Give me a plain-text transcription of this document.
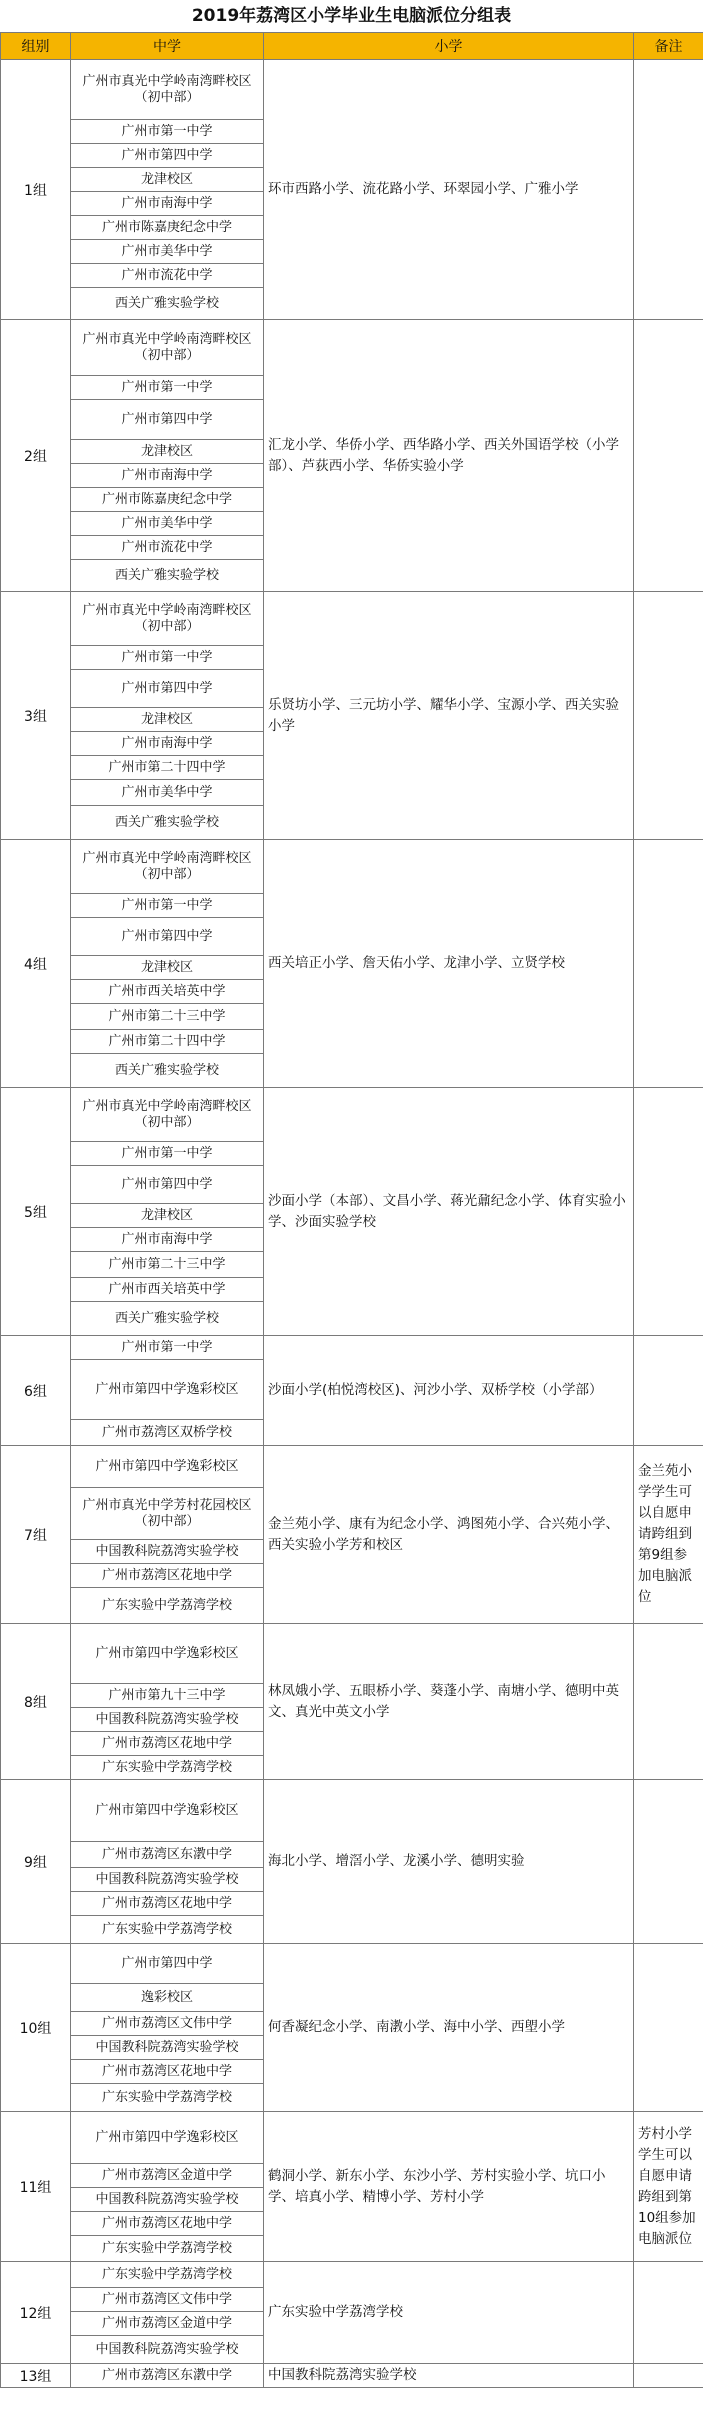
2019年荔湾区小学毕业生电脑派位分组表
组别	中学	小学	备注
1组	广州市真光中学岭南湾畔校区（初中部）	环市西路小学、流花路小学、环翠园小学、广雅小学	
	广州市第一中学		
	广州市第四中学		
	龙津校区		
	广州市南海中学		
	广州市陈嘉庚纪念中学		
	广州市美华中学		
	广州市流花中学		
	西关广雅实验学校		
2组	广州市真光中学岭南湾畔校区（初中部）	汇龙小学、华侨小学、西华路小学、西关外国语学校（小学部）、芦荻西小学、华侨实验小学	
	广州市第一中学		
	广州市第四中学		
	龙津校区		
	广州市南海中学		
	广州市陈嘉庚纪念中学		
	广州市美华中学		
	广州市流花中学		
	西关广雅实验学校		
3组	广州市真光中学岭南湾畔校区（初中部）	乐贤坊小学、三元坊小学、耀华小学、宝源小学、西关实验小学	
	广州市第一中学		
	广州市第四中学		
	龙津校区		
	广州市南海中学		
	广州市第二十四中学		
	广州市美华中学		
	西关广雅实验学校		
4组	广州市真光中学岭南湾畔校区（初中部）	西关培正小学、詹天佑小学、龙津小学、立贤学校	
	广州市第一中学		
	广州市第四中学		
	龙津校区		
	广州市西关培英中学		
	广州市第二十三中学		
	广州市第二十四中学		
	西关广雅实验学校		
5组	广州市真光中学岭南湾畔校区（初中部）	沙面小学（本部）、文昌小学、蒋光鼐纪念小学、体育实验小学、沙面实验学校	
	广州市第一中学		
	广州市第四中学		
	龙津校区		
	广州市南海中学		
	广州市第二十三中学		
	广州市西关培英中学		
	西关广雅实验学校		
6组	广州市第一中学	沙面小学(柏悦湾校区)、河沙小学、双桥学校（小学部）	
	广州市第四中学逸彩校区		
	广州市荔湾区双桥学校		
7组	广州市第四中学逸彩校区	金兰苑小学、康有为纪念小学、鸿图苑小学、合兴苑小学、西关实验小学芳和校区	金兰苑小学学生可以自愿申请跨组到第9组参加电脑派位
	广州市真光中学芳村花园校区（初中部）		
	中国教科院荔湾实验学校		
	广州市荔湾区花地中学		
	广东实验中学荔湾学校		
8组	广州市第四中学逸彩校区	林凤娥小学、五眼桥小学、葵蓬小学、南塘小学、德明中英文、真光中英文小学	
	广州市第九十三中学		
	中国教科院荔湾实验学校		
	广州市荔湾区花地中学		
	广东实验中学荔湾学校		
9组	广州市第四中学逸彩校区	海北小学、增滘小学、龙溪小学、德明实验	
	广州市荔湾区东漖中学		
	中国教科院荔湾实验学校		
	广州市荔湾区花地中学		
	广东实验中学荔湾学校		
10组	广州市第四中学	何香凝纪念小学、南漖小学、海中小学、西塱小学	
	逸彩校区		
	广州市荔湾区文伟中学		
	中国教科院荔湾实验学校		
	广州市荔湾区花地中学		
	广东实验中学荔湾学校		
11组	广州市第四中学逸彩校区	鹤洞小学、新东小学、东沙小学、芳村实验小学、坑口小学、培真小学、精博小学、芳村小学	芳村小学学生可以自愿申请跨组到第10组参加电脑派位
	广州市荔湾区金道中学		
	中国教科院荔湾实验学校		
	广州市荔湾区花地中学		
	广东实验中学荔湾学校		
12组	广东实验中学荔湾学校	广东实验中学荔湾学校	
	广州市荔湾区文伟中学		
	广州市荔湾区金道中学		
	中国教科院荔湾实验学校		
13组	广州市荔湾区东漖中学	中国教科院荔湾实验学校	
